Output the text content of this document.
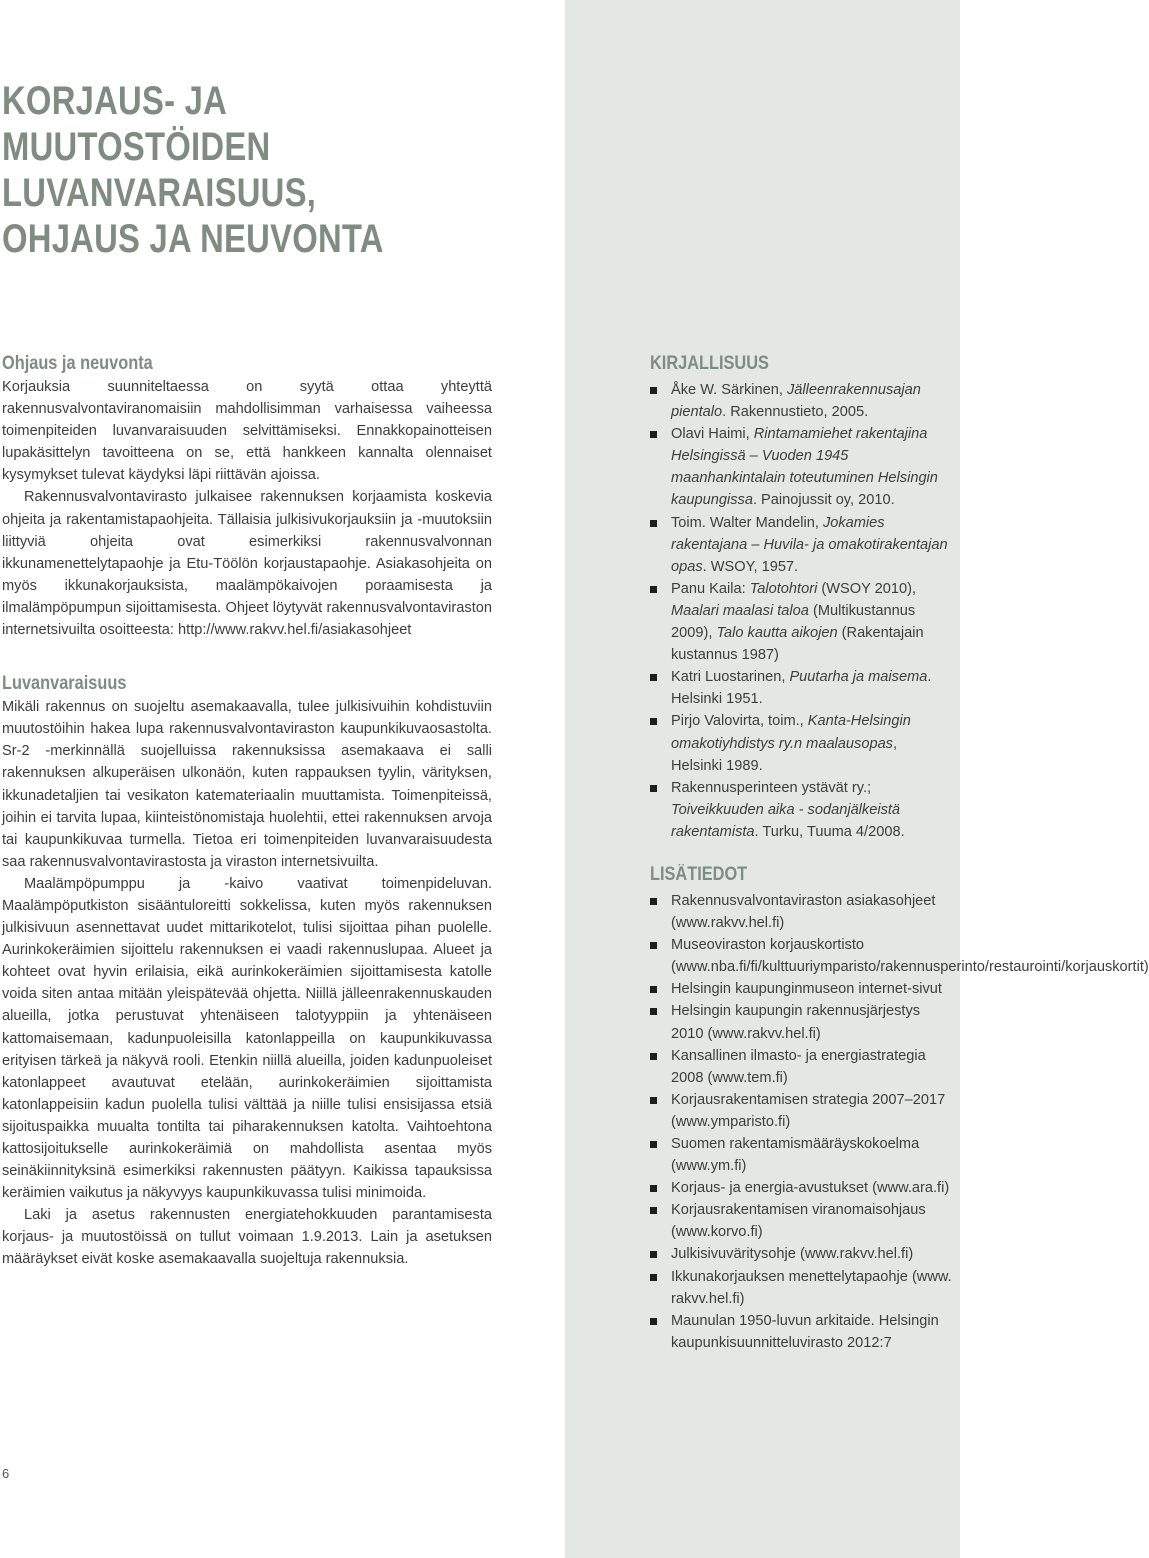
KORJAUS- JA
MUUTOSTÖIDEN
LUVANVARAISUUS,
OHJAUS JA NEUVONTA
Ohjaus ja neuvonta

Korjauksia suunniteltaessa on syytä ottaa yhteyttä rakennusvalvontaviranomaisiin mahdollisimman varhaisessa vaiheessa toimenpiteiden luvanvaraisuuden selvittämiseksi. Ennakkopainotteisen lupakäsittelyn tavoitteena on se, että hankkeen kannalta olennaiset kysymykset tulevat käydyksi läpi riittävän ajoissa.

Rakennusvalvontavirasto julkaisee rakennuksen korjaamista koskevia ohjeita ja rakentamistapaohjeita. Tällaisia julkisivukorjauksiin ja -muutoksiin liittyviä ohjeita ovat esimerkiksi rakennusvalvonnan ikkunamenettelytapaohje ja Etu-Töölön korjaustapaohje. Asiakasohjeita on myös ikkunakorjauksista, maalämpökaivojen poraamisesta ja ilmalämpöpumpun sijoittamisesta. Ohjeet löytyvät rakennusvalvontaviraston internetsivuilta osoitteesta: http://www.rakvv.hel.fi/asiakasohjeet

Luvanvaraisuus

Mikäli rakennus on suojeltu asemakaavalla, tulee julkisivuihin kohdistuviin muutostöihin hakea lupa rakennusvalvontaviraston kaupunkikuvaosastolta. Sr-2 -merkinnällä suojelluissa rakennuksissa asemakaava ei salli rakennuksen alkuperäisen ulkonäön, kuten rappauksen tyylin, värityksen, ikkunadetaljien tai vesikaton katemateriaalin muuttamista. Toimenpiteissä, joihin ei tarvita lupaa, kiinteistönomistaja huolehtii, ettei rakennuksen arvoja tai kaupunkikuvaa turmella. Tietoa eri toimenpiteiden luvanvaraisuudesta saa rakennusvalvontavirastosta ja viraston internetsivuilta.

Maalämpöpumppu ja -kaivo vaativat toimenpideluvan. Maalämpöputkiston sisääntuloreitti sokkelissa, kuten myös rakennuksen julkisivuun asennettavat uudet mittarikotelot, tulisi sijoittaa pihan puolelle. Aurinkokeräimien sijoittelu rakennuksen ei vaadi rakennuslupaa. Alueet ja kohteet ovat hyvin erilaisia, eikä aurinkokeräimien sijoittamisesta katolle voida siten antaa mitään yleispätevää ohjetta. Niillä jälleenrakennuskauden alueilla, jotka perustuvat yhtenäiseen talotyyppiin ja yhtenäiseen kattomaisemaan, kadunpuoleisilla katonlappeilla on kaupunkikuvassa erityisen tärkeä ja näkyvä rooli. Etenkin niillä alueilla, joiden kadunpuoleiset katonlappeet avautuvat etelään, aurinkokeräimien sijoittamista katonlappeisiin kadun puolella tulisi välttää ja niille tulisi ensisijassa etsiä sijoituspaikka muualta tontilta tai piharakennuksen katolta. Vaihtoehtona kattosijoitukselle aurinkokeräimiä on mahdollista asentaa myös seinäkiinnityksinä esimerkiksi rakennusten päätyyn. Kaikissa tapauksissa keräimien vaikutus ja näkyvyys kaupunkikuvassa tulisi minimoida.

Laki ja asetus rakennusten energiatehokkuuden parantamisesta korjaus- ja muutostöissä on tullut voimaan 1.9.2013. Lain ja asetuksen määräykset eivät koske asemakaavalla suojeltuja rakennuksia.

KIRJALLISUUS
Åke W. Särkinen, Jälleenrakennusajan pientalo. Rakennustieto, 2005.
Olavi Haimi, Rintamamiehet rakentajina Helsingissä – Vuoden 1945 maanhankintalain toteutuminen Helsingin kaupungissa. Painojussit oy, 2010.
Toim. Walter Mandelin, Jokamies rakentajana – Huvila- ja omakotirakentajan opas. WSOY, 1957.
Panu Kaila: Talotohtori (WSOY 2010), Maalari maalasi taloa (Multikustannus 2009), Talo kautta aikojen (Rakentajain kustannus 1987)
Katri Luostarinen, Puutarha ja maisema. Helsinki 1951.
Pirjo Valovirta, toim., Kanta-Helsingin omakotiyhdistys ry.n maalausopas, Helsinki 1989.
Rakennusperinteen ystävät ry.; Toiveikkuuden aika - sodanjälkeistä rakentamista. Turku, Tuuma 4/2008.
LISÄTIEDOT
Rakennusvalvontaviraston asiakasohjeet (www.rakvv.hel.fi)
Museoviraston korjauskortisto (www.nba.fi/fi/kulttuuriymparisto/rakennusperinto/restaurointi/korjauskortit)
Helsingin kaupunginmuseon internet-sivut
Helsingin kaupungin rakennusjärjestys 2010 (www.rakvv.hel.fi)
Kansallinen ilmasto- ja energiastrategia 2008 (www.tem.fi)
Korjausrakentamisen strategia 2007–2017 (www.ymparisto.fi)
Suomen rakentamismääräyskokoelma (www.ym.fi)
Korjaus- ja energia-avustukset (www.ara.fi)
Korjausrakentamisen viranomaisohjaus (www.korvo.fi)
Julkisivuväritysohje (www.rakvv.hel.fi)
Ikkunakorjauksen menettelytapaohje (www. rakvv.hel.fi)
Maunulan 1950-luvun arkitaide. Helsingin kaupunkisuunnitteluvirasto 2012:7
6
